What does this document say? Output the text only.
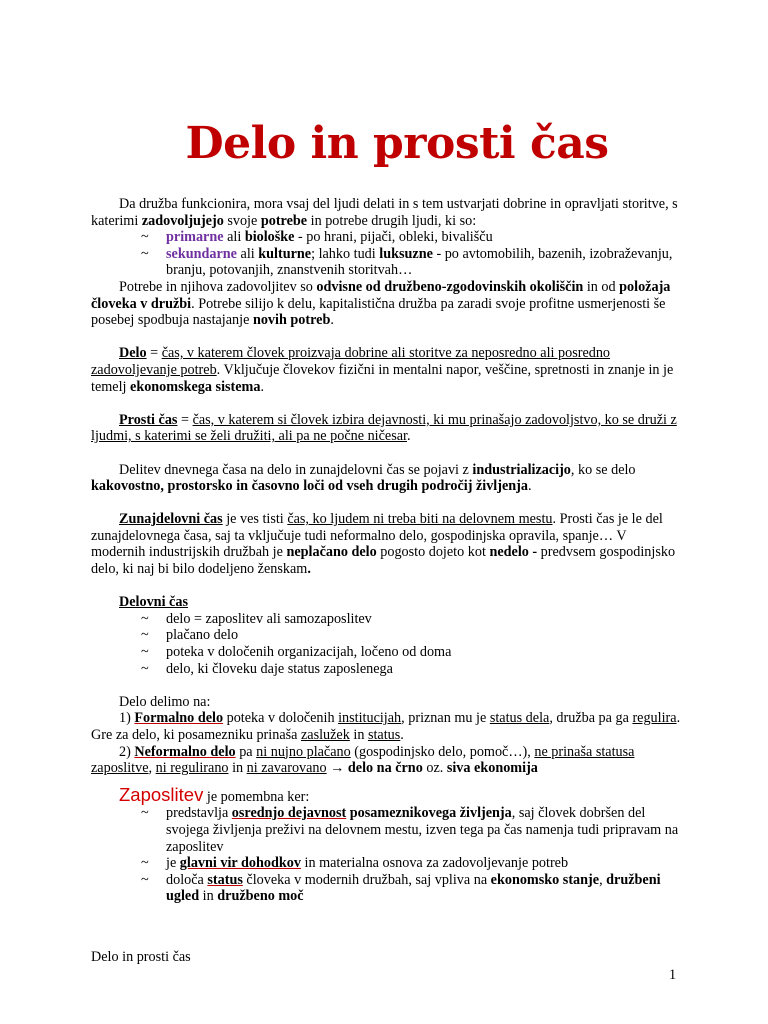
Delo in prosti čas

Da družba funkcionira, mora vsaj del ljudi delati in s tem ustvarjati dobrine in opravljati storitve, s katerimi zadovoljujejo svoje potrebe in potrebe drugih ljudi, ki so:

~ primarne ali biološke - po hrani, pijači, obleki, bivališču
~ sekundarne ali kulturne; lahko tudi luksuzne - po avtomobilih, bazenih, izobraževanju, branju, potovanjih, znanstvenih storitvah…

Potrebe in njihova zadovoljitev so odvisne od družbeno-zgodovinskih okoliščin in od položaja človeka v družbi. Potrebe silijo k delu, kapitalistična družba pa zaradi svoje profitne usmerjenosti še posebej spodbuja nastajanje novih potreb.

Delo = čas, v katerem človek proizvaja dobrine ali storitve za neposredno ali posredno zadovoljevanje potreb. Vključuje človekov fizični in mentalni napor, veščine, spretnosti in znanje in je temelj ekonomskega sistema.

Prosti čas = čas, v katerem si človek izbira dejavnosti, ki mu prinašajo zadovoljstvo, ko se druži z ljudmi, s katerimi se želi družiti, ali pa ne počne ničesar.

Delitev dnevnega časa na delo in zunajdelovni čas se pojavi z industrializacijo, ko se delo kakovostno, prostorsko in časovno loči od vseh drugih področij življenja.

Zunajdelovni čas je ves tisti čas, ko ljudem ni treba biti na delovnem mestu. Prosti čas je le del zunajdelovnega časa, saj ta vključuje tudi neformalno delo, gospodinjska opravila, spanje… V modernih industrijskih družbah je neplačano delo pogosto dojeto kot nedelo - predvsem gospodinjsko delo, ki naj bi bilo dodeljeno ženskam.

Delovni čas

~ delo = zaposlitev ali samozaposlitev
~ plačano delo
~ poteka v določenih organizacijah, ločeno od doma
~ delo, ki človeku daje status zaposlenega

Delo delimo na:

1) Formalno delo poteka v določenih institucijah, priznan mu je status dela, družba pa ga regulira. Gre za delo, ki posamezniku prinaša zaslužek in status.

2) Neformalno delo pa ni nujno plačano (gospodinjsko delo, pomoč…), ne prinaša statusa zaposlitve, ni regulirano in ni zavarovano → delo na črno oz. siva ekonomija

Zaposlitev je pomembna ker:

~ predstavlja osrednjo dejavnost posameznikovega življenja, saj človek dobršen del svojega življenja preživi na delovnem mestu, izven tega pa čas namenja tudi pripravam na zaposlitev
~ je glavni vir dohodkov in materialna osnova za zadovoljevanje potreb
~ določa status človeka v modernih družbah, saj vpliva na ekonomsko stanje, družbeni ugled in družbeno moč
Delo in prosti čas
1
